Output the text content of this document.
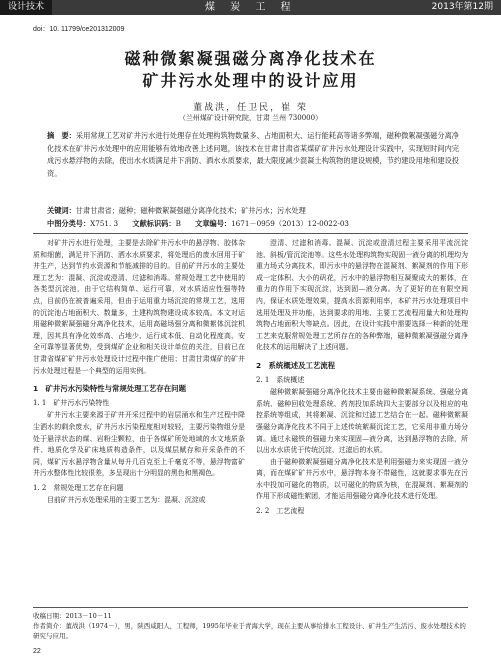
设计技术	煤 炭 工 程	2013年第12期
doi：10. 11799/ce201312009
磁种微絮凝强磁分离净化技术在
矿井污水处理中的设计应用
董战洪，任卫民，崔 荣
（兰州煤矿设计研究院，甘肃 兰州 730000）
摘　要：采用常规工艺对矿井污水进行处理存在处理构筑物数量多、占地面积大、运行能耗高等诸多弊端，磁种微絮凝强磁分离净化技术在矿井污水处理中的应用能够有效地改善上述问题，该技术在甘肃甘肃省某煤矿矿井污水处理设计实践中，实现短时间内完成污水悬浮物的去除，使出水水质满足井下消防、洒水水质要求，最大限度减少混凝土构筑物的建设规模，节约建设用地和建设投资。
关键词：甘肃甘肃省；磁种；磁种微絮凝强磁分离净化技术；矿井污水；污水处理
中图分类号：X751. 3 文献标识码：B 文章编号：1671－0959（2013）12-0022-03

对矿井污水进行处理，主要是去除矿井污水中的悬浮物、胶体杂质和细菌，满足井下消防、洒水水质要求，将处理后的废水回用于矿井生产，达到节约水资源和节能减排的目的。目前矿井污水的主要处理工艺为：混凝、沉淀或澄清、过滤和消毒。常规处理工艺中使用的各类型沉淀池，由于它结构简单、运行可靠，对水质适应性强等特点，目前仍在被普遍采用，但由于运用重力场沉淀的常规工艺，选用的沉淀池占地面积大、数量多，土建构筑物建设成本较高。本文对运用磁种微絮凝强磁分离净化技术，运用高磁场强分离和微絮体沉淀机理，因其具有净化效率高、占地少、运行成本低、自动化程度高、安全可靠等显著优势，受到煤矿企业和相关设计单位的关注，目前已在甘肃省煤矿矿井污水处理设计过程中推广使用；甘肃甘肃煤矿的矿井污水处理过程是一个典型的运用实例。

1　矿井污水污染特性与常规处理工艺存在问题
1. 1　矿井污水污染特性

矿井污水主要来源于矿井开采过程中的岩层涌水和生产过程中降尘洒水的剩余废水，矿井污水污染程度相对较轻，主要污染物组分是处于悬浮状态的煤、岩粉尘颗粒，由于各煤矿所处地域的水文地质条件、地质化学及矿床地质构造条件，以及煤层赋存和开采条件的不同，煤矿污水悬浮物含量从每升几百克至上千毫克不等，悬浮物富矿井污水整体性比较很差，多呈现出十分明显的黑色和黑褐色。

1. 2　常规处理工艺存在问题

目前矿井污水处理采用的主要工艺为：混凝、沉淀或

澄清、过滤和消毒。混凝、沉淀或澄清过程主要采用平流沉淀池、斜板/管沉淀池等。这些水处理构筑物实现固一液分离的机理均为重力场式分离技术，即污水中的悬浮物在混凝剂、絮凝剂的作用下形成一定体积、大小的矾花，污水中的悬浮物相互凝聚成大的絮体，在重力的作用下实现沉淀，达到固—液分离。为了更好的在有限空间内，保证水质处理效果，提高水资源利用率，本矿井污水处理项目中选用处理及井功能，达到要求的用地、主要工艺流程用量大和处理构筑物占地面积大等缺点。因此，在设计实践中需要选择一种新的处理工艺来克服常规处理工艺所存在的各种弊端，磁种微絮凝强磁分离净化技术的运用解决了上述问题。

2　系统概述及工艺流程
2. 1　系统概述

磁种微絮凝强磁分离净化技术主要由磁种微絮凝系统、强磁分离系统、磁种回收处理系统、药剂投加系统四大主要部分以及相应的电控系统等组成，其将絮凝、沉淀和过滤工艺结合在一起。磁种微絮凝强磁分离净化技术不同于上述传统絮凝沉淀工艺，它采用非重力场分离。通过永磁铁的强磁力来实现固—液分离，达到悬浮物的去除，所以出水水质优于传统沉淀、过滤后的水质。

由于磁种微絮凝强磁分离净化技术是利用强磁力来实现固一液分离，而在煤矿矿井污水中，悬浮物本身不带磁性，这就要求事先在污水中投加可磁化的物质，以可磁化的物质为核，在混凝剂、絮凝剂的作用下形成磁性絮团，才能运用强磁分离净化技术进行处理。

2. 2　工艺流程
收稿日期：2013－10－11
作者简介：董战洪（1974－），男，陕西咸阳人，工程师，1995年毕业于青海大学，现在主要从事给排水工程设计、矿井生产生活污、废水处理技术的研究与应用。
22
